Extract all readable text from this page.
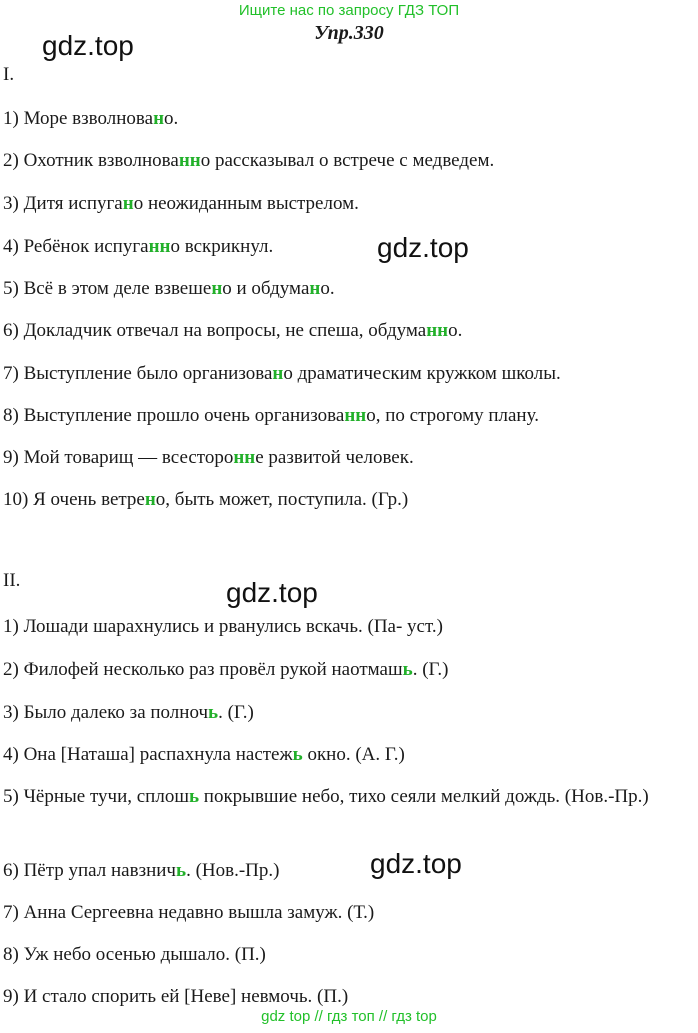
Ищите нас по запросу ГДЗ ТОП
Упр.330
gdz.top
gdz.top
gdz.top
gdz.top
I.
1) Море взволновано.
2) Охотник взволнованно рассказывал о встрече с медведем.
3) Дитя испугано неожиданным выстрелом.
4) Ребёнок испуганно вскрикнул.
5) Всё в этом деле взвешено и обдумано.
6) Докладчик отвечал на вопросы, не спеша, обдуманно.
7) Выступление было организовано драматическим кружком школы.
8) Выступление прошло очень организованно, по строгому плану.
9) Мой товарищ — всесторонне развитой человек.
10) Я очень ветрено, быть может, поступила. (Гр.)
II.
1) Лошади шарахнулись и рванулись вскачь. (Па- уст.)
2) Филофей несколько раз провёл рукой наотмашь. (Г.)
3) Было далеко за полночь. (Г.)
4) Она [Наташа] распахнула настежь окно. (А. Г.)
5) Чёрные тучи, сплошь покрывшие небо, тихо сеяли мелкий дождь. (Нов.-Пр.)
6) Пётр упал навзничь. (Нов.-Пр.)
7) Анна Сергеевна недавно вышла замуж. (Т.)
8) Уж небо осенью дышало. (П.)
9) И стало спорить ей [Неве] невмочь. (П.)
gdz top // гдз топ // гдз top
